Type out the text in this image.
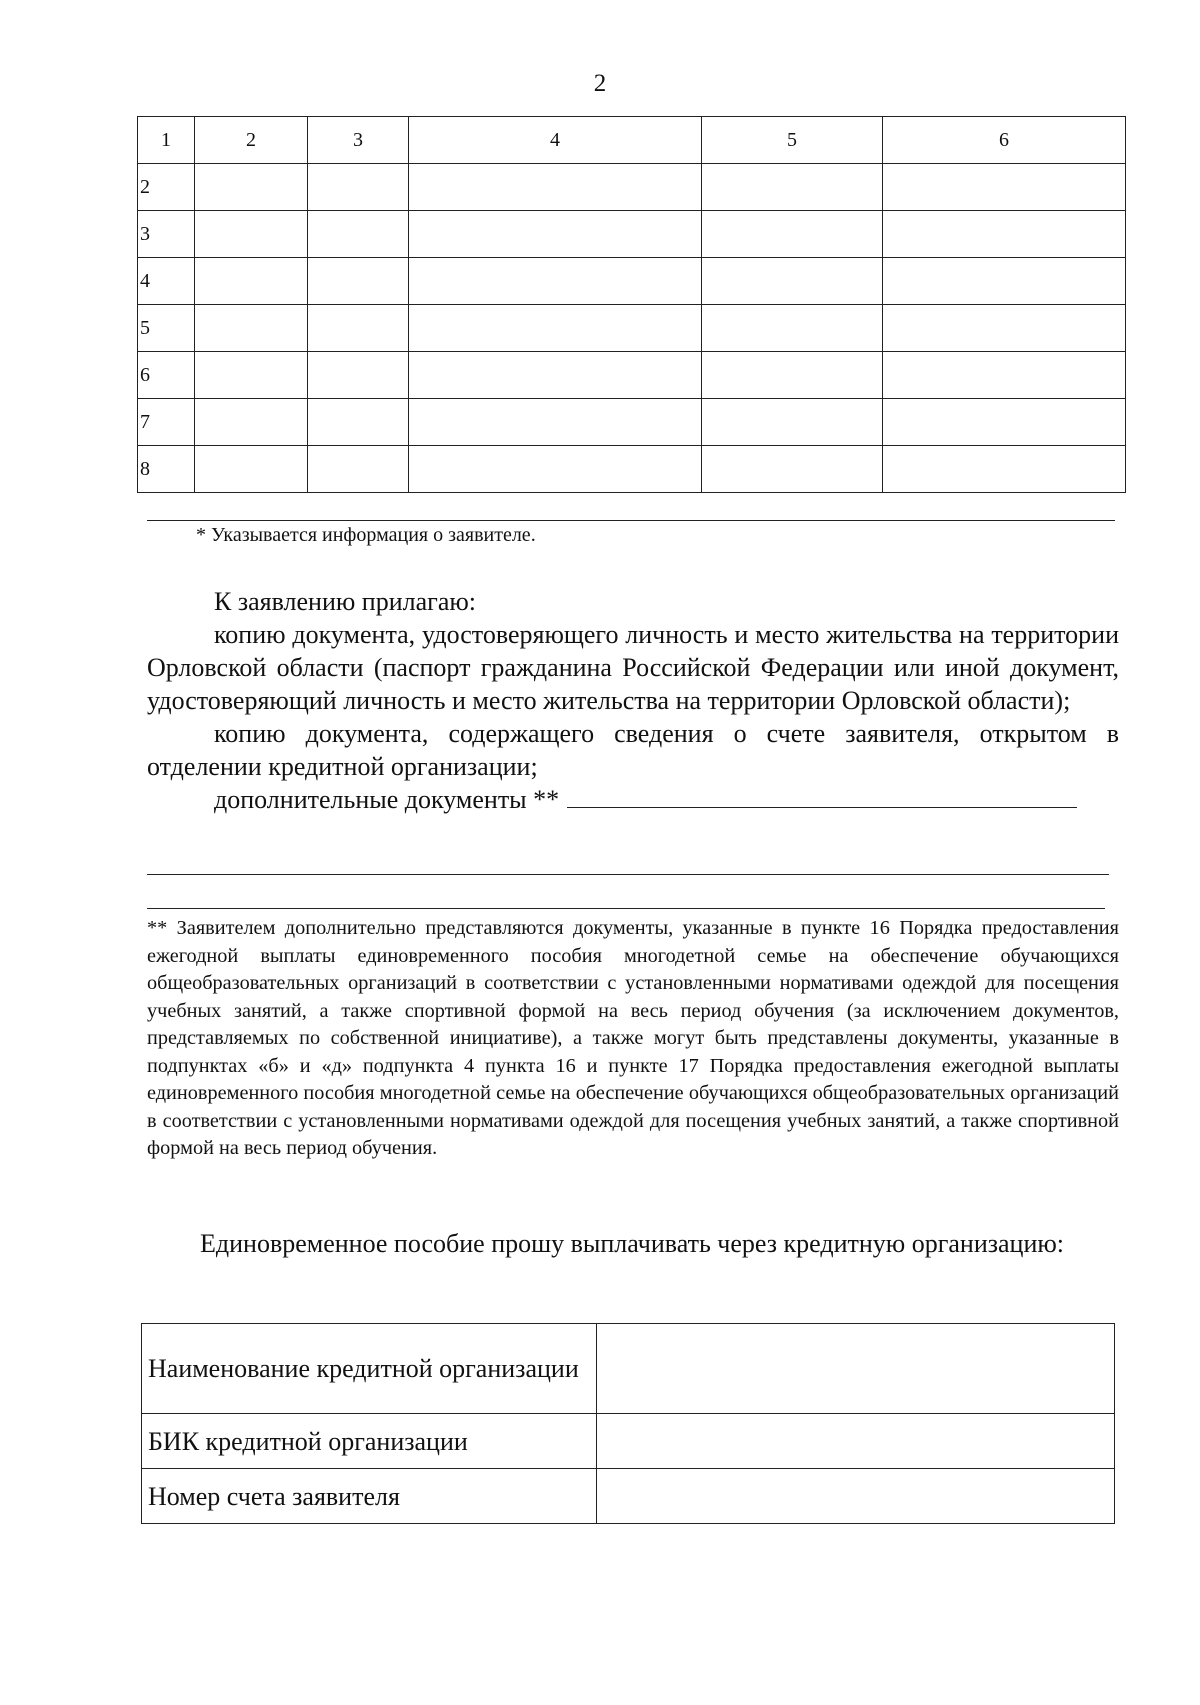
2
1	2	3	4	5	6
2					
3					
4					
5					
6					
7					
8					
* Указывается информация о заявителе.

К заявлению прилагаю:

копию документа, удостоверяющего личность и место жительства на территории Орловской области (паспорт гражданина Российской Федерации или иной документ, удостоверяющий личность и место жительства на территории Орловской области);

копию документа, содержащего сведения о счете заявителя, открытом в отделении кредитной организации;

дополнительные документы **

** Заявителем дополнительно представляются документы, указанные в пункте 16 Порядка предоставления ежегодной выплаты единовременного пособия многодетной семье на обеспечение обучающихся общеобразовательных организаций в соответствии с установленными нормативами одеждой для посещения учебных занятий, а также спортивной формой на весь период обучения (за исключением документов, представляемых по собственной инициативе), а также могут быть представлены документы, указанные в подпунктах «б» и «д» подпункта 4 пункта 16 и пункте 17 Порядка предоставления ежегодной выплаты единовременного пособия многодетной семье на обеспечение обучающихся общеобразовательных организаций в соответствии с установленными нормативами одеждой для посещения учебных занятий, а также спортивной формой на весь период обучения.

Единовременное пособие прошу выплачивать через кредитную организацию:

Наименование кредитной организации	
БИК кредитной организации	
Номер счета заявителя	
